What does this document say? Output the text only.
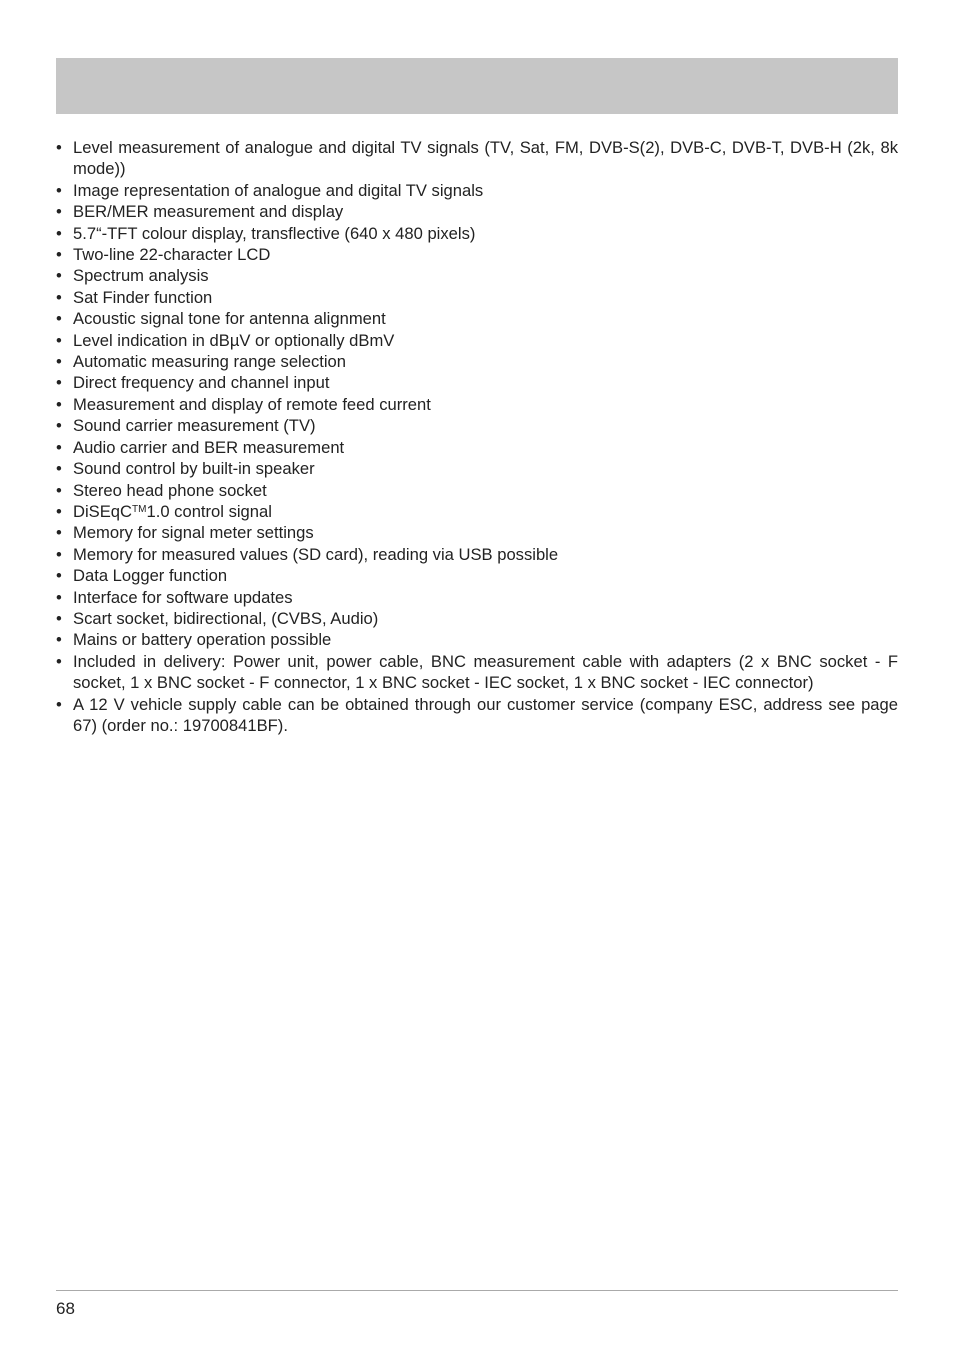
• Level measurement of analogue and digital TV signals (TV, Sat, FM, DVB-S(2), DVB-C, DVB-T, DVB-H (2k, 8k mode))
• Image representation of analogue and digital TV signals
• BER/MER measurement and display
• 5.7“-TFT colour display, transflective (640 x 480 pixels)
• Two-line 22-character LCD
• Spectrum analysis
• Sat Finder function
• Acoustic signal tone for antenna alignment
• Level indication in dBµV or optionally dBmV
• Automatic measuring range selection
• Direct frequency and channel input
• Measurement and display of remote feed current
• Sound carrier measurement (TV)
• Audio carrier and BER measurement
• Sound control by built-in speaker
• Stereo head phone socket
• DiSEqC™1.0 control signal
• Memory for signal meter settings
• Memory for measured values (SD card), reading via USB possible
• Data Logger function
• Interface for software updates
• Scart socket, bidirectional, (CVBS, Audio)
• Mains or battery operation possible
• Included in delivery: Power unit, power cable, BNC measurement cable with adapters (2 x BNC socket - F socket, 1 x BNC socket - F connector, 1 x BNC socket - IEC socket, 1 x BNC socket - IEC connector)
• A 12 V vehicle supply cable can be obtained through our customer service (company ESC, address see page 67) (order no.: 19700841BF).
68
